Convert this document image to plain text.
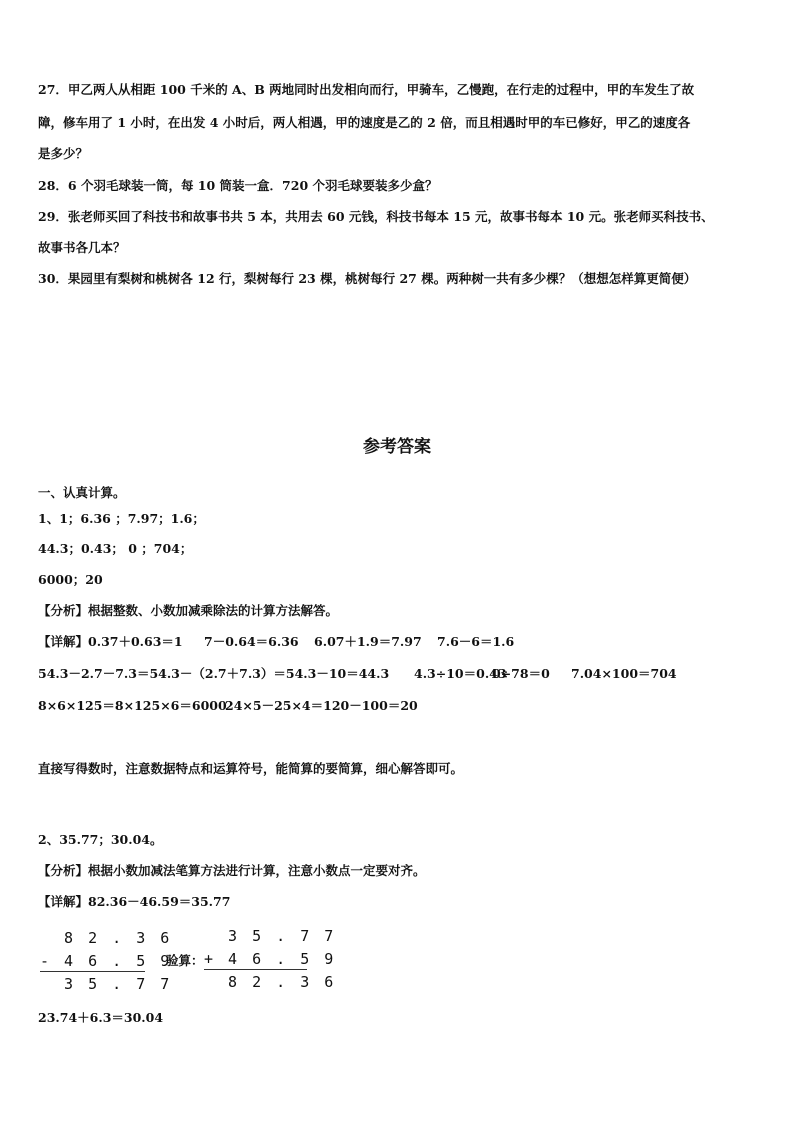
27．甲乙两人从相距 100 千米的 A、B 两地同时出发相向而行，甲骑车，乙慢跑，在行走的过程中，甲的车发生了故
障，修车用了 1 小时，在出发 4 小时后，两人相遇，甲的速度是乙的 2 倍，而且相遇时甲的车已修好，甲乙的速度各
是多少？
28．6 个羽毛球装一筒，每 10 筒装一盒．720 个羽毛球要装多少盒？
29．张老师买回了科技书和故事书共 5 本，共用去 60 元钱，科技书每本 15 元，故事书每本 10 元。张老师买科技书、
故事书各几本？
30．果园里有梨树和桃树各 12 行，梨树每行 23 棵，桃树每行 27 棵。两种树一共有多少棵？（想想怎样算更简便）
参考答案
一、认真计算。
1、1；6.36 ；7.97；1.6；
44.3；0.43； 0 ；704；
6000；20
【分析】根据整数、小数加减乘除法的计算方法解答。
【详解】0.37＋0.63＝1 7－0.64＝6.36 6.07＋1.9＝7.97 7.6－6＝1.6
54.3－2.7－7.3＝54.3－（2.7＋7.3）＝54.3－10＝44.3 4.3÷10＝0.430÷78＝0 7.04×100＝704
8×6×125＝8×125×6＝600024×5－25×4＝120－100＝20
直接写得数时，注意数据特点和运算符号，能简算的要简算，细心解答即可。
2、35.77；30.04。
【分析】根据小数加减法笔算方法进行计算，注意小数点一定要对齐。
【详解】82.36－46.59＝35.77
8 2 . 3 6
- 4 6 . 5 9
3 5 . 7 7
验算：
3 5 . 7 7
+ 4 6 . 5 9
8 2 . 3 6
23.74＋6.3＝30.04
